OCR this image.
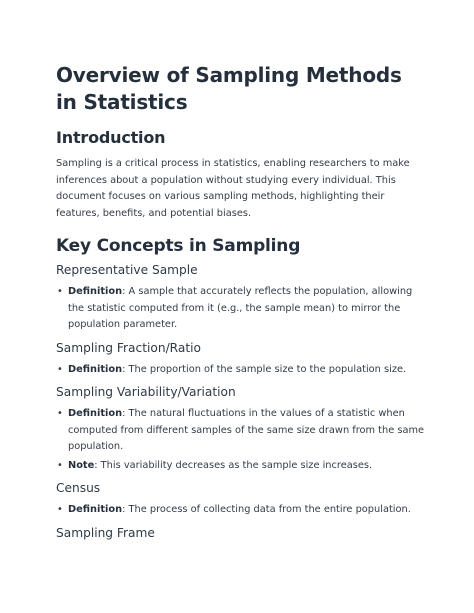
Overview of Sampling Methods in Statistics
Introduction

Sampling is a critical process in statistics, enabling researchers to make inferences about a population without studying every individual. This document focuses on various sampling methods, highlighting their features, benefits, and potential biases.

Key Concepts in Sampling
Representative Sample
• Definition: A sample that accurately reflects the population, allowing the statistic computed from it (e.g., the sample mean) to mirror the population parameter.
Sampling Fraction/Ratio
• Definition: The proportion of the sample size to the population size.
Sampling Variability/Variation
• Definition: The natural fluctuations in the values of a statistic when computed from different samples of the same size drawn from the same population.
• Note: This variability decreases as the sample size increases.
Census
• Definition: The process of collecting data from the entire population.
Sampling Frame
